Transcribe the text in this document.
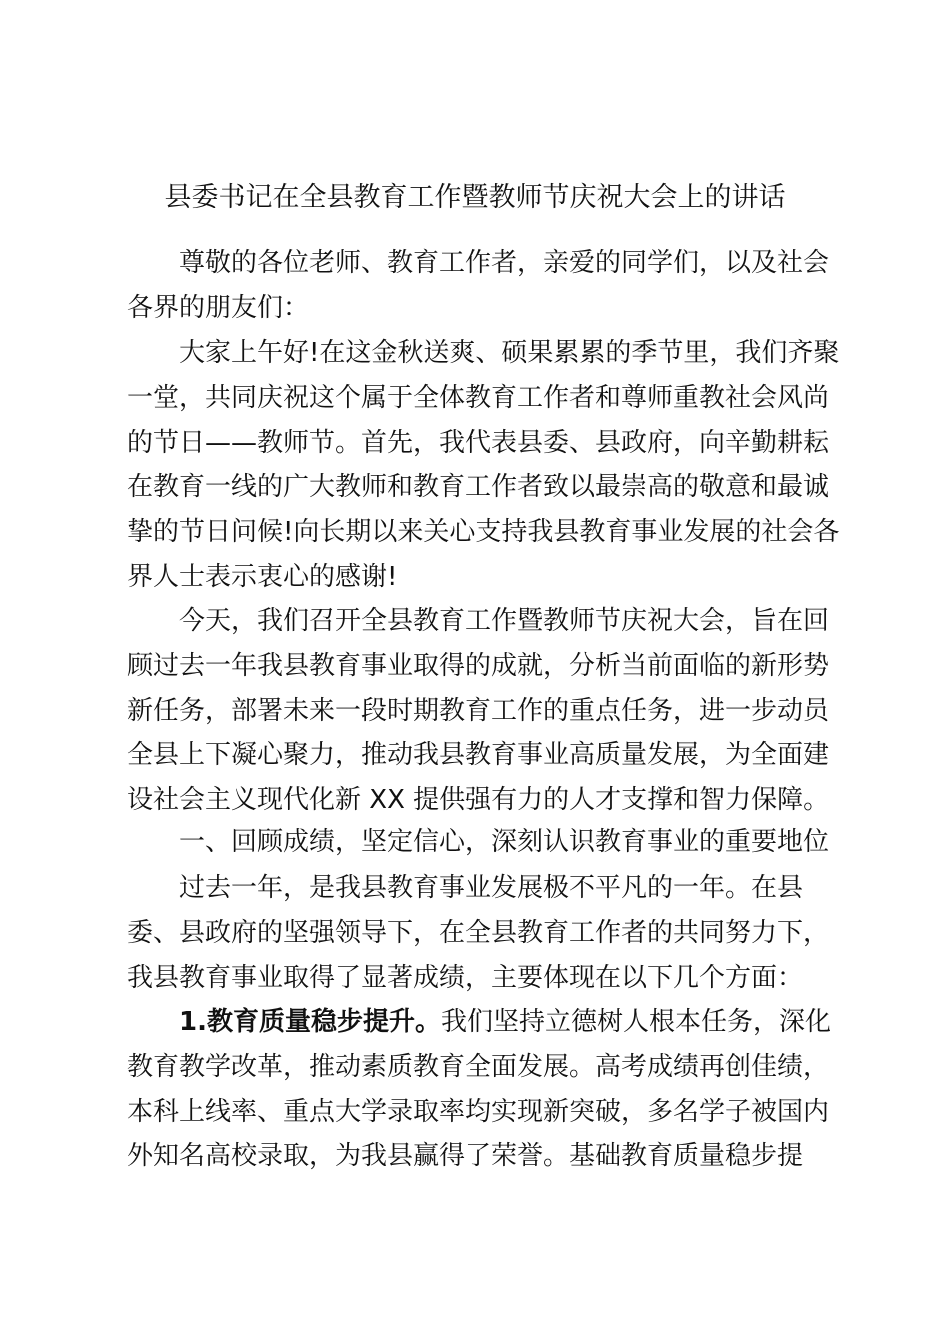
县委书记在全县教育工作暨教师节庆祝大会上的讲话
尊敬的各位老师、教育工作者，亲爱的同学们，以及社会
各界的朋友们：
大家上午好!在这金秋送爽、硕果累累的季节里，我们齐聚
一堂，共同庆祝这个属于全体教育工作者和尊师重教社会风尚
的节日——教师节。首先，我代表县委、县政府，向辛勤耕耘
在教育一线的广大教师和教育工作者致以最崇高的敬意和最诚
挚的节日问候!向长期以来关心支持我县教育事业发展的社会各
界人士表示衷心的感谢!
今天，我们召开全县教育工作暨教师节庆祝大会，旨在回
顾过去一年我县教育事业取得的成就，分析当前面临的新形势
新任务，部署未来一段时期教育工作的重点任务，进一步动员
全县上下凝心聚力，推动我县教育事业高质量发展，为全面建
设社会主义现代化新 XX 提供强有力的人才支撑和智力保障。
一、回顾成绩，坚定信心，深刻认识教育事业的重要地位
过去一年，是我县教育事业发展极不平凡的一年。在县
委、县政府的坚强领导下，在全县教育工作者的共同努力下，
我县教育事业取得了显著成绩，主要体现在以下几个方面：
1.教育质量稳步提升。我们坚持立德树人根本任务，深化
教育教学改革，推动素质教育全面发展。高考成绩再创佳绩，
本科上线率、重点大学录取率均实现新突破，多名学子被国内
外知名高校录取，为我县赢得了荣誉。基础教育质量稳步提
